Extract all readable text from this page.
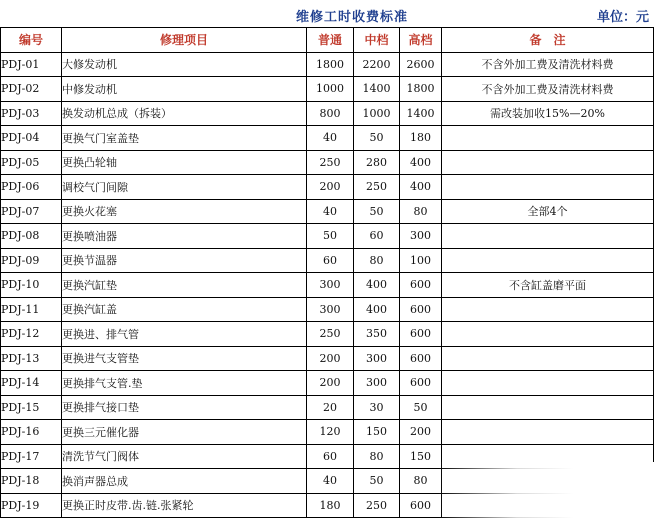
维修工时收费标准	单位：元
编号	修理项目	普通	中档	高档	备　注
PDJ-01	大修发动机	1800	2200	2600	不含外加工费及清洗材料费
PDJ-02	中修发动机	1000	1400	1800	不含外加工费及清洗材料费
PDJ-03	换发动机总成（拆装）	800	1000	1400	需改装加收15%—20%
PDJ-04	更换气门室盖垫	40	50	180	
PDJ-05	更换凸轮轴	250	280	400	
PDJ-06	调校气门间隙	200	250	400	
PDJ-07	更换火花塞	40	50	80	全部4个
PDJ-08	更换喷油器	50	60	300	
PDJ-09	更换节温器	60	80	100	
PDJ-10	更换汽缸垫	300	400	600	不含缸盖磨平面
PDJ-11	更换汽缸盖	300	400	600	
PDJ-12	更换进、排气管	250	350	600	
PDJ-13	更换进气支管垫	200	300	600	
PDJ-14	更换排气支管.垫	200	300	600	
PDJ-15	更换排气接口垫	20	30	50	
PDJ-16	更换三元催化器	120	150	200	
PDJ-17	清洗节气门阀体	60	80	150	
PDJ-18	换消声器总成	40	50	80	
PDJ-19	更换正时皮带.齿.链.张紧轮	180	250	600	
